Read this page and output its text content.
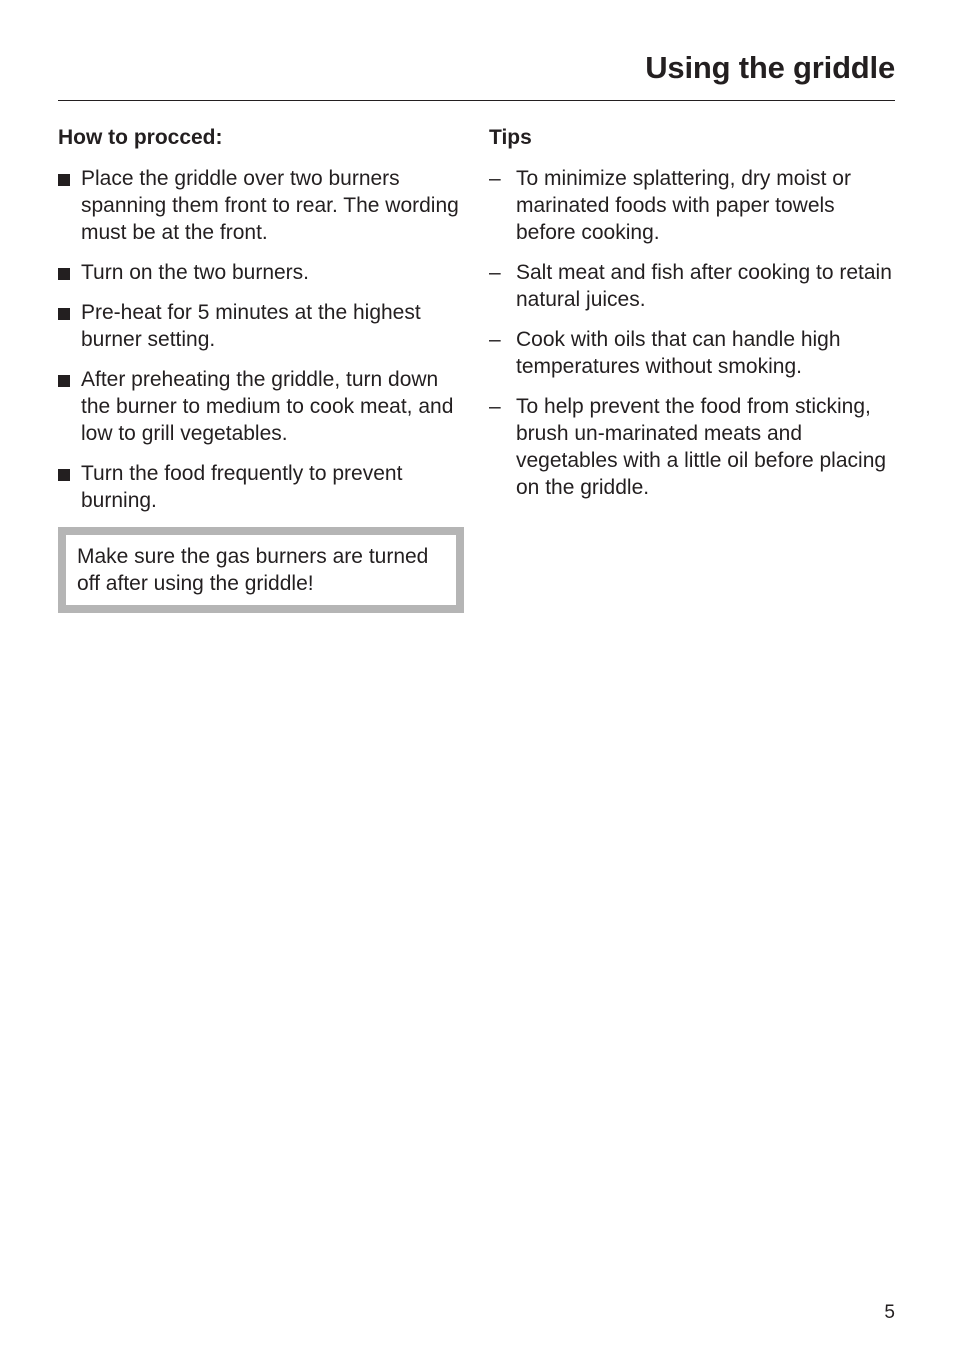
Using the griddle
How to procced:
Place the griddle over two burners spanning them front to rear. The wording must be at the front.
Turn on the two burners.
Pre-heat for 5 minutes at the highest burner setting.
After preheating the griddle, turn down the burner to medium to cook meat, and low to grill vegetables.
Turn the food frequently to prevent burning.
Make sure the gas burners are turned off after using the griddle!
Tips
– To minimize splattering, dry moist or marinated foods with paper towels before cooking.
– Salt meat and fish after cooking to retain natural juices.
– Cook with oils that can handle high temperatures without smoking.
– To help prevent the food from sticking, brush un-marinated meats and vegetables with a little oil before placing on the griddle.
5
